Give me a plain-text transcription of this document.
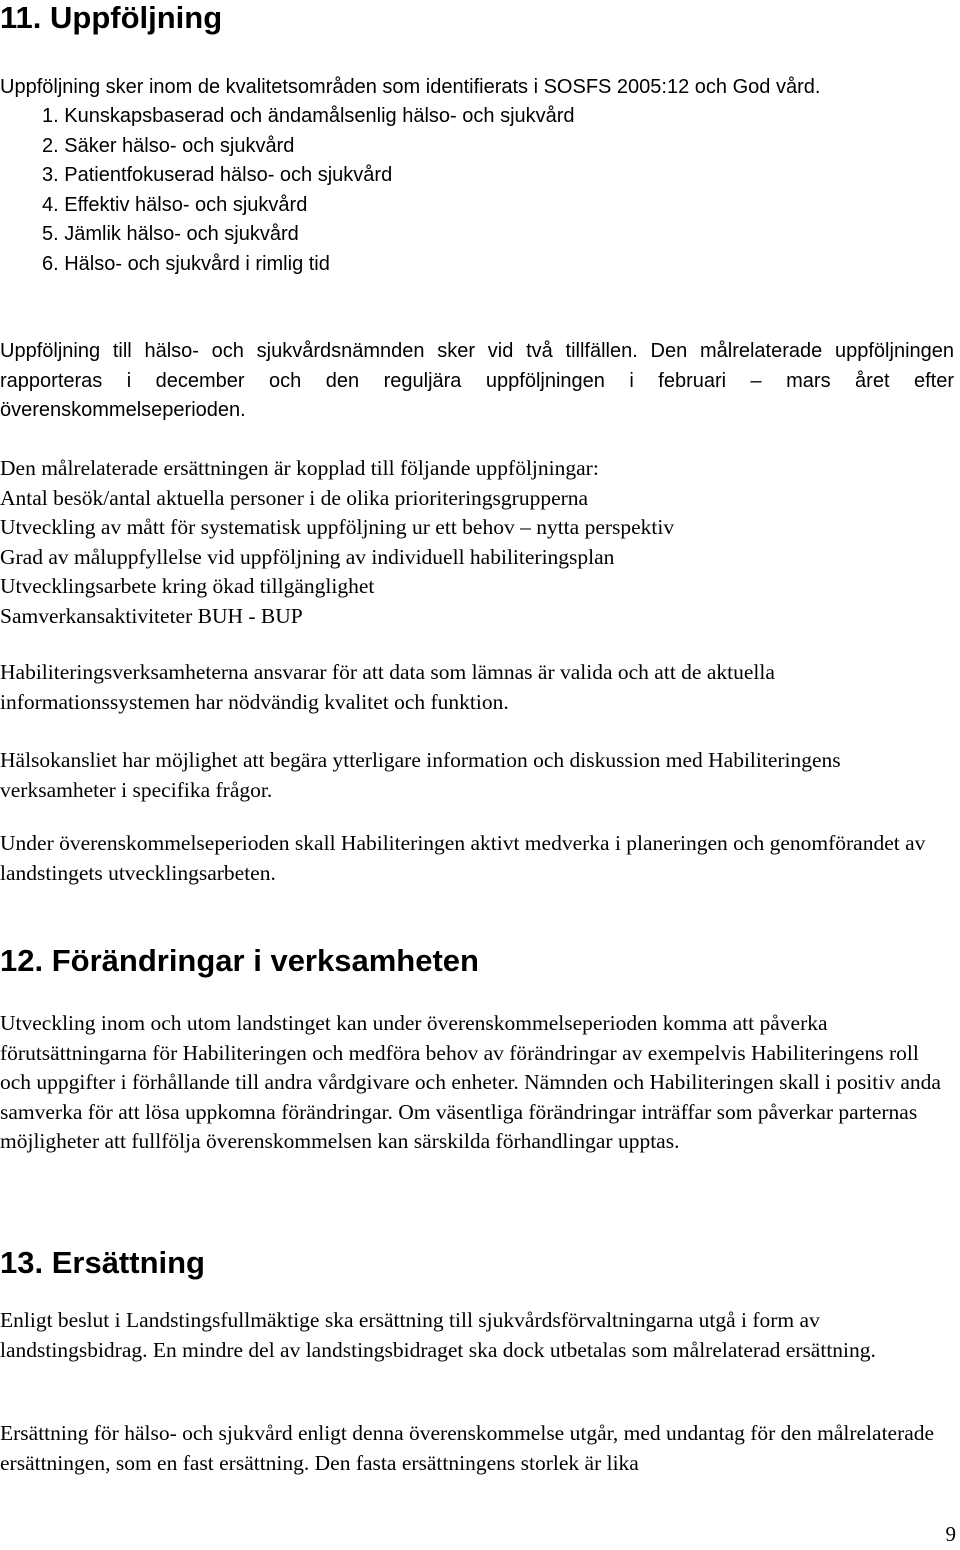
11. Uppföljning

Uppföljning sker inom de kvalitetsområden som identifierats i SOSFS 2005:12 och God vård.

1. Kunskapsbaserad och ändamålsenlig hälso- och sjukvård
2. Säker hälso- och sjukvård
3. Patientfokuserad hälso- och sjukvård
4. Effektiv hälso- och sjukvård
5. Jämlik hälso- och sjukvård
6. Hälso- och sjukvård i rimlig tid

Uppföljning till hälso- och sjukvårdsnämnden sker vid två tillfällen. Den målrelaterade uppföljningen rapporteras i december och den reguljära uppföljningen i februari – mars året efter överenskommelseperioden.

Den målrelaterade ersättningen är kopplad till följande uppföljningar:
Antal besök/antal aktuella personer i de olika prioriteringsgrupperna
Utveckling av mått för systematisk uppföljning ur ett behov – nytta perspektiv
Grad av måluppfyllelse vid uppföljning av individuell habiliteringsplan
Utvecklingsarbete kring ökad tillgänglighet
Samverkansaktiviteter BUH - BUP

Habiliteringsverksamheterna ansvarar för att data som lämnas är valida och att de aktuella informationssystemen har nödvändig kvalitet och funktion.

Hälsokansliet har möjlighet att begära ytterligare information och diskussion med Habiliteringens verksamheter i specifika frågor.

Under överenskommelseperioden skall Habiliteringen aktivt medverka i planeringen och genomförandet av landstingets utvecklingsarbeten.

12. Förändringar i verksamheten

Utveckling inom och utom landstinget kan under överenskommelseperioden komma att påverka förutsättningarna för Habiliteringen och medföra behov av förändringar av exempelvis Habiliteringens roll och uppgifter i förhållande till andra vårdgivare och enheter. Nämnden och Habiliteringen skall i positiv anda samverka för att lösa uppkomna förändringar. Om väsentliga förändringar inträffar som påverkar parternas möjligheter att fullfölja överenskommelsen kan särskilda förhandlingar upptas.

13. Ersättning

Enligt beslut i Landstingsfullmäktige ska ersättning till sjukvårdsförvaltningarna utgå i form av landstingsbidrag. En mindre del av landstingsbidraget ska dock utbetalas som målrelaterad ersättning.

Ersättning för hälso- och sjukvård enligt denna överenskommelse utgår, med undantag för den målrelaterade ersättningen, som en fast ersättning. Den fasta ersättningens storlek är lika

9
